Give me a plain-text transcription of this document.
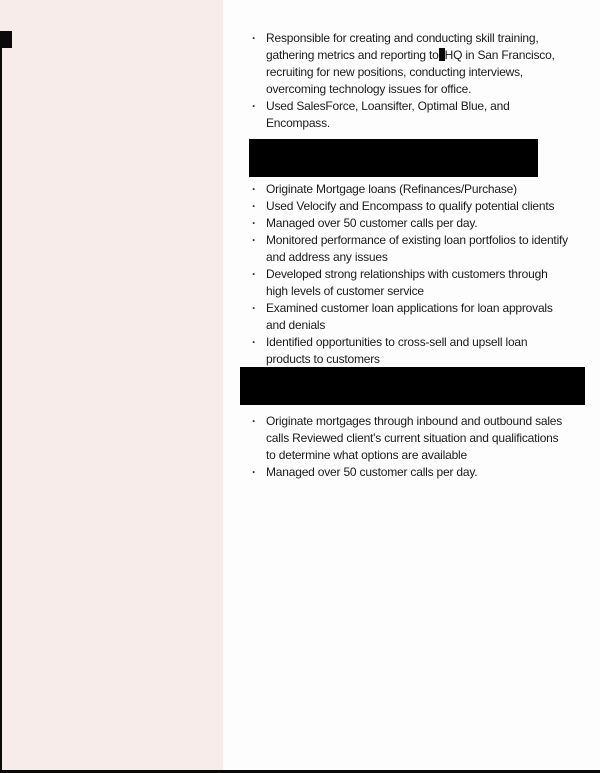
· Responsible for creating and conducting skill training, gathering metrics and reporting to HQ in San Francisco, recruiting for new positions, conducting interviews, overcoming technology issues for office.
· Used SalesForce, Loansifter, Optimal Blue, and Encompass.
· Originate Mortgage loans (Refinances/Purchase)
· Used Velocify and Encompass to qualify potential clients
· Managed over 50 customer calls per day.
· Monitored performance of existing loan portfolios to identify and address any issues
· Developed strong relationships with customers through high levels of customer service
· Examined customer loan applications for loan approvals and denials
· Identified opportunities to cross-sell and upsell loan products to customers
· Originate mortgages through inbound and outbound sales calls Reviewed client's current situation and qualifications to determine what options are available
· Managed over 50 customer calls per day.
